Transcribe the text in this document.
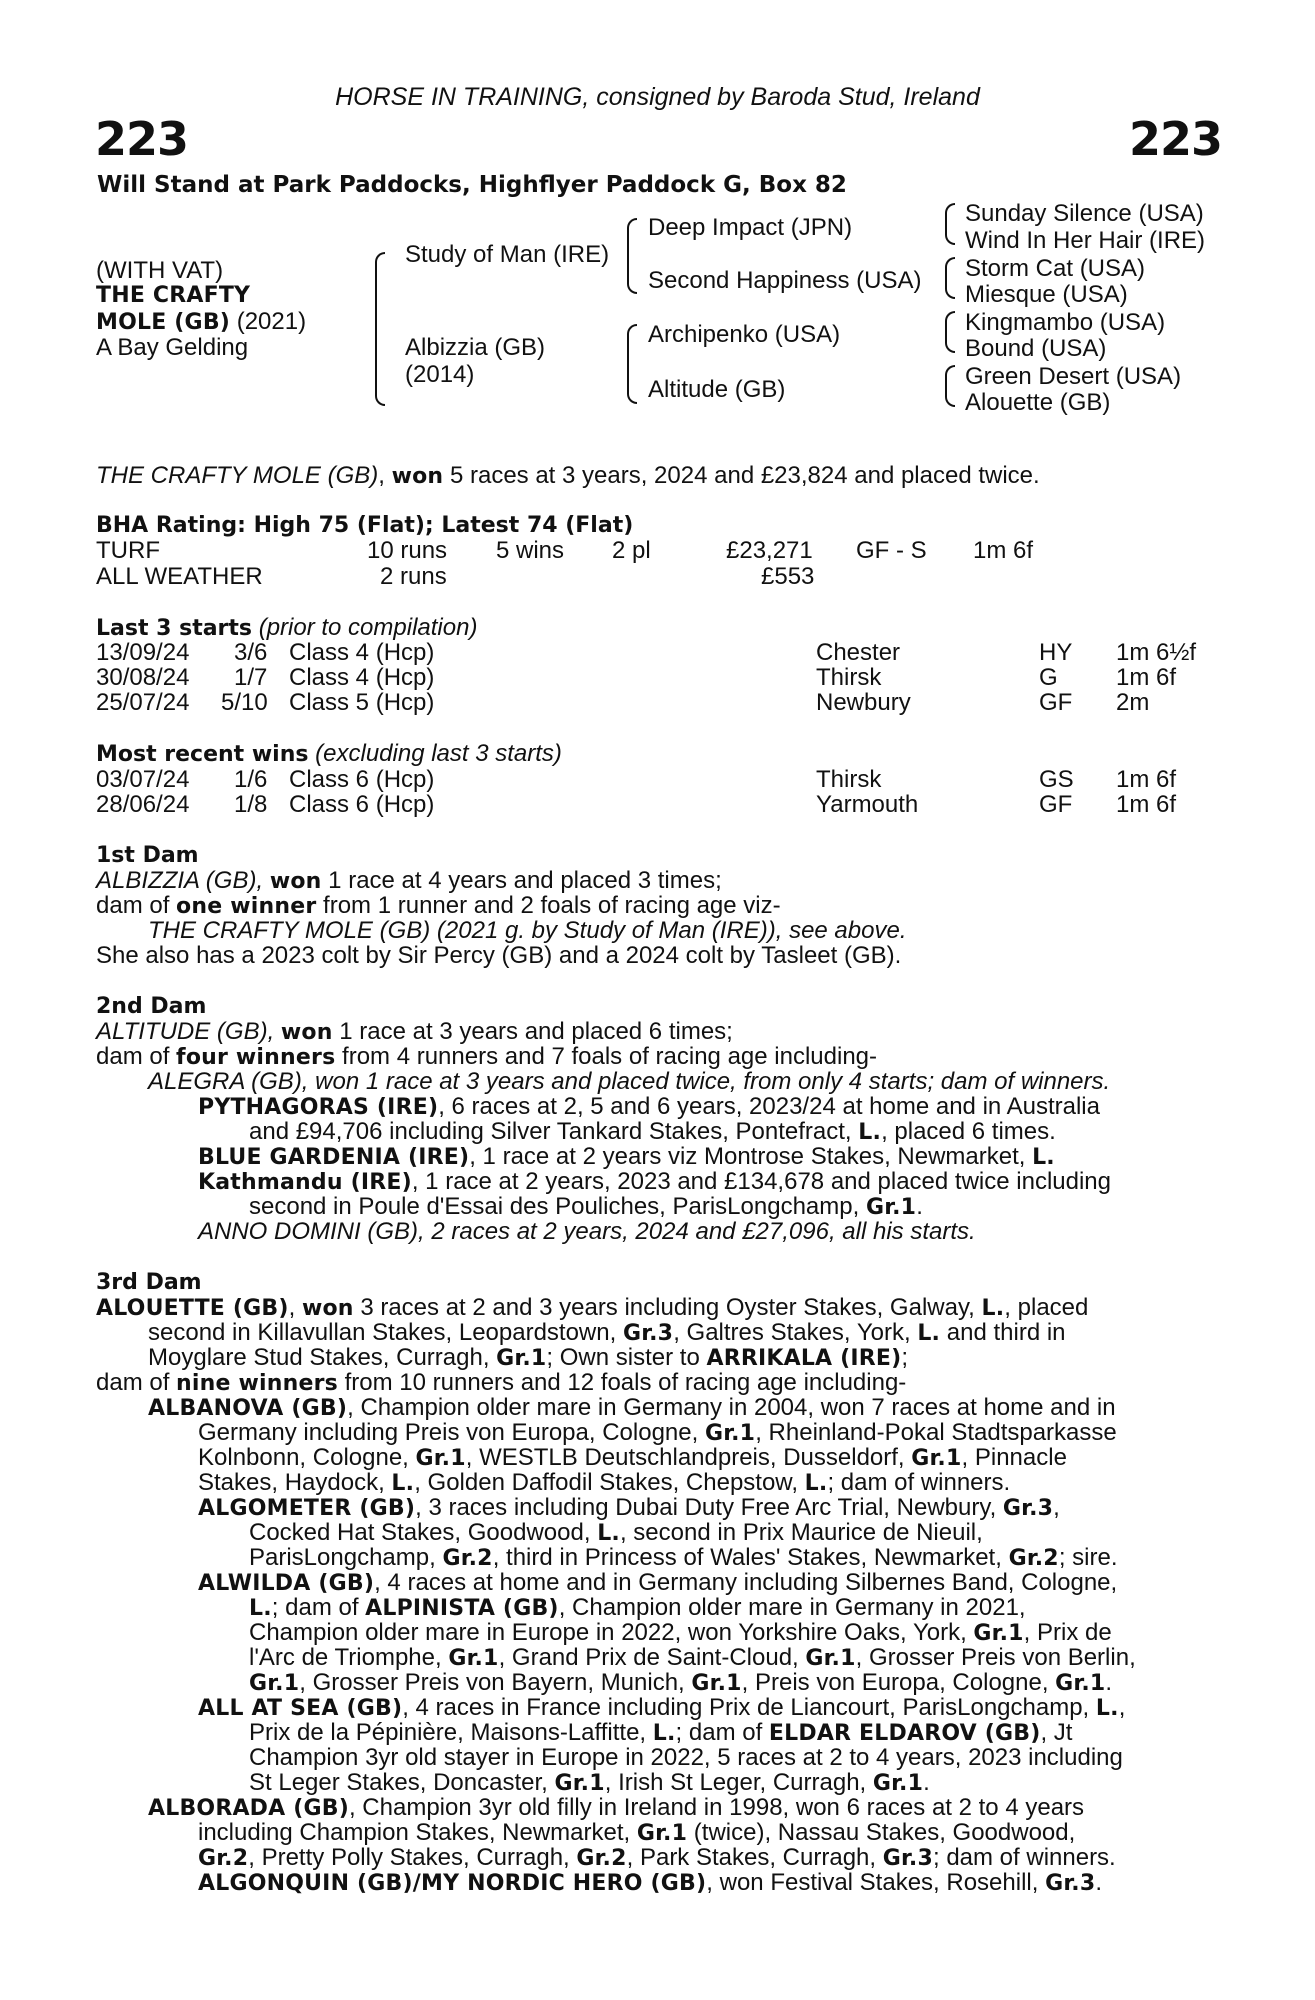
HORSE IN TRAINING, consigned by Baroda Stud, Ireland
223	223
Will Stand at Park Paddocks, Highflyer Paddock G, Box 82
(WITH VAT)
THE CRAFTY
MOLE (GB) (2021)
A Bay Gelding
Study of Man (IRE)
Albizzia (GB)
(2014)
Deep Impact (JPN)
Second Happiness (USA)
Archipenko (USA)
Altitude (GB)
Sunday Silence (USA)
Wind In Her Hair (IRE)
Storm Cat (USA)
Miesque (USA)
Kingmambo (USA)
Bound (USA)
Green Desert (USA)
Alouette (GB)
THE CRAFTY MOLE (GB), won 5 races at 3 years, 2024 and £23,824 and placed twice.
BHA Rating: High 75 (Flat); Latest 74 (Flat)
TURF	10 runs 5 wins 2 pl	£23,271 GF - S 1m 6f
ALL WEATHER	2 runs	£553
Last 3 starts (prior to compilation)
13/09/24 3/6 Class 4 (Hcp)	Chester	HY 1m 6½f
30/08/24 1/7 Class 4 (Hcp)	Thirsk	G 1m 6f
25/07/24 5/10 Class 5 (Hcp)	Newbury	GF 2m
Most recent wins (excluding last 3 starts)
03/07/24 1/6 Class 6 (Hcp)	Thirsk	GS 1m 6f
28/06/24 1/8 Class 6 (Hcp)	Yarmouth	GF 1m 6f
1st Dam
ALBIZZIA (GB), won 1 race at 4 years and placed 3 times;
dam of one winner from 1 runner and 2 foals of racing age viz-
THE CRAFTY MOLE (GB) (2021 g. by Study of Man (IRE)), see above.
She also has a 2023 colt by Sir Percy (GB) and a 2024 colt by Tasleet (GB).
2nd Dam
ALTITUDE (GB), won 1 race at 3 years and placed 6 times;
dam of four winners from 4 runners and 7 foals of racing age including-
ALEGRA (GB), won 1 race at 3 years and placed twice, from only 4 starts; dam of winners.
PYTHAGORAS (IRE), 6 races at 2, 5 and 6 years, 2023/24 at home and in Australia
and £94,706 including Silver Tankard Stakes, Pontefract, L., placed 6 times.
BLUE GARDENIA (IRE), 1 race at 2 years viz Montrose Stakes, Newmarket, L.
Kathmandu (IRE), 1 race at 2 years, 2023 and £134,678 and placed twice including
second in Poule d'Essai des Pouliches, ParisLongchamp, Gr.1.
ANNO DOMINI (GB), 2 races at 2 years, 2024 and £27,096, all his starts.
3rd Dam
ALOUETTE (GB), won 3 races at 2 and 3 years including Oyster Stakes, Galway, L., placed
second in Killavullan Stakes, Leopardstown, Gr.3, Galtres Stakes, York, L. and third in
Moyglare Stud Stakes, Curragh, Gr.1; Own sister to ARRIKALA (IRE);
dam of nine winners from 10 runners and 12 foals of racing age including-
ALBANOVA (GB), Champion older mare in Germany in 2004, won 7 races at home and in
Germany including Preis von Europa, Cologne, Gr.1, Rheinland-Pokal Stadtsparkasse
Kolnbonn, Cologne, Gr.1, WESTLB Deutschlandpreis, Dusseldorf, Gr.1, Pinnacle
Stakes, Haydock, L., Golden Daffodil Stakes, Chepstow, L.; dam of winners.
ALGOMETER (GB), 3 races including Dubai Duty Free Arc Trial, Newbury, Gr.3,
Cocked Hat Stakes, Goodwood, L., second in Prix Maurice de Nieuil,
ParisLongchamp, Gr.2, third in Princess of Wales' Stakes, Newmarket, Gr.2; sire.
ALWILDA (GB), 4 races at home and in Germany including Silbernes Band, Cologne,
L.; dam of ALPINISTA (GB), Champion older mare in Germany in 2021,
Champion older mare in Europe in 2022, won Yorkshire Oaks, York, Gr.1, Prix de
l'Arc de Triomphe, Gr.1, Grand Prix de Saint-Cloud, Gr.1, Grosser Preis von Berlin,
Gr.1, Grosser Preis von Bayern, Munich, Gr.1, Preis von Europa, Cologne, Gr.1.
ALL AT SEA (GB), 4 races in France including Prix de Liancourt, ParisLongchamp, L.,
Prix de la Pépinière, Maisons-Laffitte, L.; dam of ELDAR ELDAROV (GB), Jt
Champion 3yr old stayer in Europe in 2022, 5 races at 2 to 4 years, 2023 including
St Leger Stakes, Doncaster, Gr.1, Irish St Leger, Curragh, Gr.1.
ALBORADA (GB), Champion 3yr old filly in Ireland in 1998, won 6 races at 2 to 4 years
including Champion Stakes, Newmarket, Gr.1 (twice), Nassau Stakes, Goodwood,
Gr.2, Pretty Polly Stakes, Curragh, Gr.2, Park Stakes, Curragh, Gr.3; dam of winners.
ALGONQUIN (GB)/MY NORDIC HERO (GB), won Festival Stakes, Rosehill, Gr.3.
